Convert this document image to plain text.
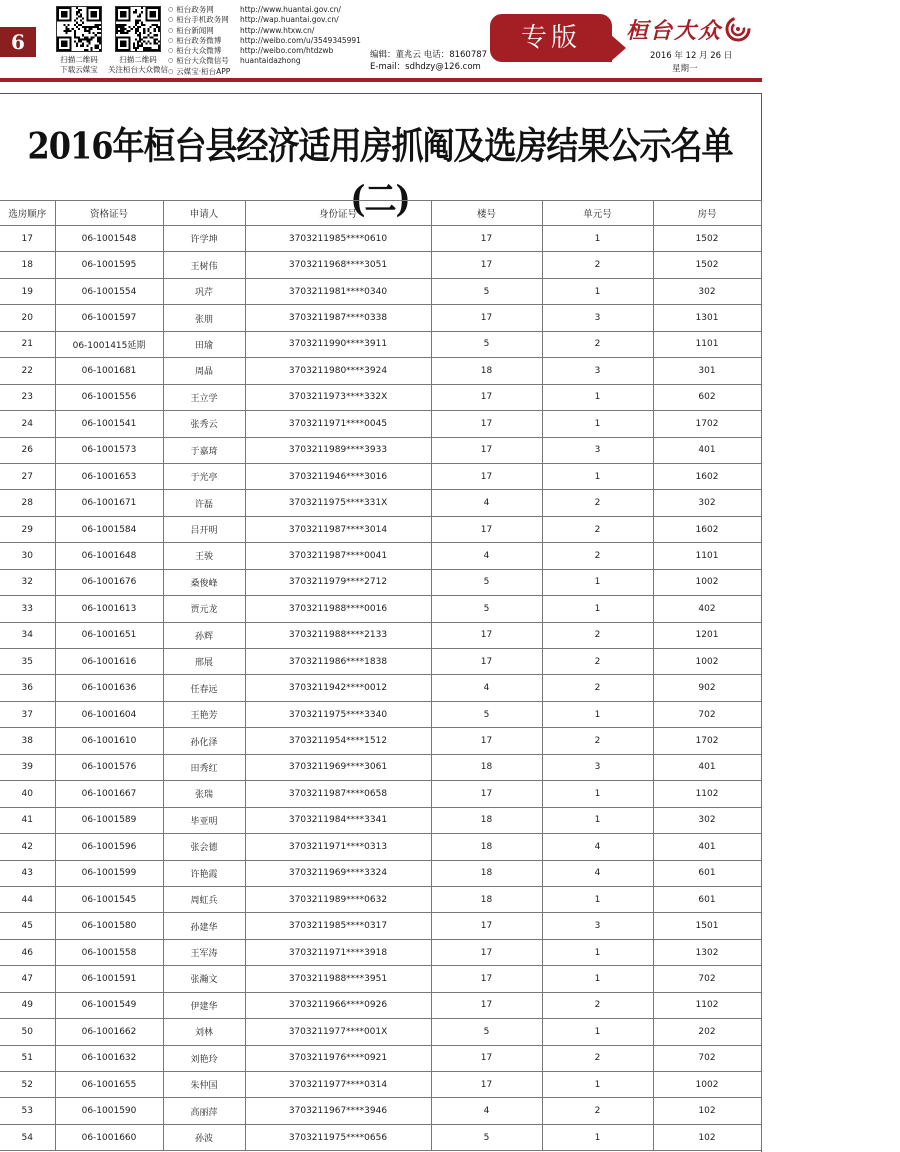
6
扫描二维码
下载云媒宝
扫描二维码
关注桓台大众微信
○ 桓台政务网	http://www.huantai.gov.cn/
○ 桓台手机政务网 http://wap.huantai.gov.cn/
○ 桓台新闻网	http://www.htxw.cn/
○ 桓台政务微博	http://weibo.com/u/3549345991
○ 桓台大众微博	http://weibo.com/htdzwb
○ 桓台大众微信号 huantaidazhong
○ 云媒宝·桓台APP
编辑：董兆云 电话：8160787
E-mail：sdhdzy@126.com
专版	桓台大众
2016 年 12 月 26 日
星期一
2016年桓台县经济适用房抓阄及选房结果公示名单(二)
选房顺序	资格证号	申请人	身份证号	楼号	单元号	房号
17	06-1001548	许学坤	3703211985****0610	17	1	1502
18	06-1001595	王树伟	3703211968****3051	17	2	1502
19	06-1001554	巩芹	3703211981****0340	5	1	302
20	06-1001597	张朋	3703211987****0338	17	3	1301
21	06-1001415延期	田瑜	3703211990****3911	5	2	1101
22	06-1001681	周晶	3703211980****3924	18	3	301
23	06-1001556	王立学	3703211973****332X	17	1	602
24	06-1001541	张秀云	3703211971****0045	17	1	1702
26	06-1001573	于嘉琦	3703211989****3933	17	3	401
27	06-1001653	于光亭	3703211946****3016	17	1	1602
28	06-1001671	许磊	3703211975****331X	4	2	302
29	06-1001584	吕开明	3703211987****3014	17	2	1602
30	06-1001648	王骏	3703211987****0041	4	2	1101
32	06-1001676	桑俊峰	3703211979****2712	5	1	1002
33	06-1001613	贾元龙	3703211988****0016	5	1	402
34	06-1001651	孙辉	3703211988****2133	17	2	1201
35	06-1001616	邢展	3703211986****1838	17	2	1002
36	06-1001636	任春远	3703211942****0012	4	2	902
37	06-1001604	王艳芳	3703211975****3340	5	1	702
38	06-1001610	孙化泽	3703211954****1512	17	2	1702
39	06-1001576	田秀红	3703211969****3061	18	3	401
40	06-1001667	张瑞	3703211987****0658	17	1	1102
41	06-1001589	毕亚明	3703211984****3341	18	1	302
42	06-1001596	张会德	3703211971****0313	18	4	401
43	06-1001599	许艳霞	3703211969****3324	18	4	601
44	06-1001545	周虹兵	3703211989****0632	18	1	601
45	06-1001580	孙建华	3703211985****0317	17	3	1501
46	06-1001558	王军涛	3703211971****3918	17	1	1302
47	06-1001591	张瀚文	3703211988****3951	17	1	702
49	06-1001549	伊建华	3703211966****0926	17	2	1102
50	06-1001662	刘林	3703211977****001X	5	1	202
51	06-1001632	刘艳玲	3703211976****0921	17	2	702
52	06-1001655	朱仲国	3703211977****0314	17	1	1002
53	06-1001590	高丽萍	3703211967****3946	4	2	102
54	06-1001660	孙波	3703211975****0656	5	1	102
